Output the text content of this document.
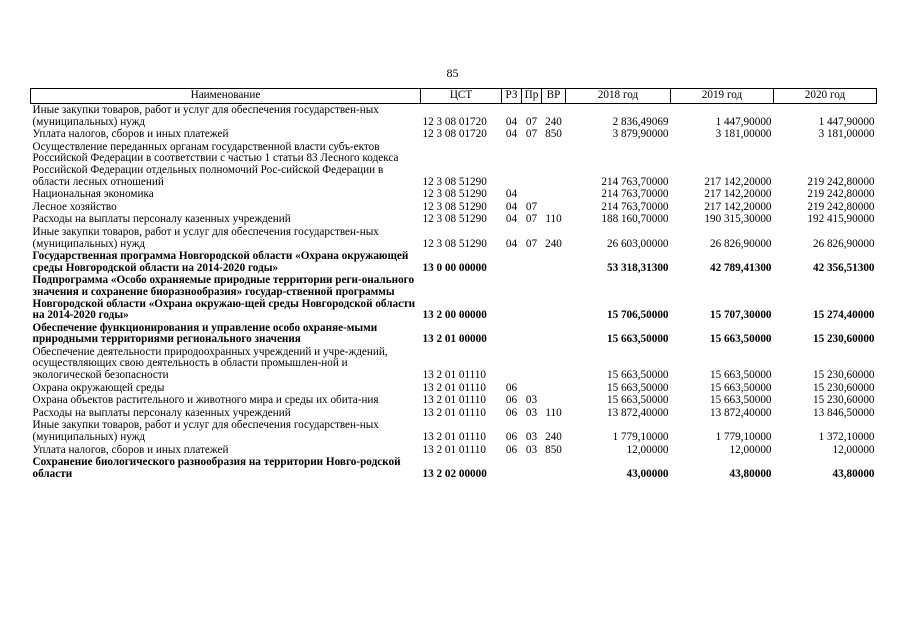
85
Наименование	ЦСТ	РЗ	Пр	ВР	2018 год	2019 год	2020 год
Иные закупки товаров, работ и услуг для обеспечения государствен-ных (муниципальных) нужд	12 3 08 01720	04	07	240	2 836,49069	1 447,90000	1 447,90000
Уплата налогов, сборов и иных платежей	12 3 08 01720	04	07	850	3 879,90000	3 181,00000	3 181,00000
Осуществление переданных органам государственной власти субъ-ектов Российской Федерации в соответствии с частью 1 статьи 83 Лесного кодекса Российской Федерации отдельных полномочий Рос-сийской Федерации в области лесных отношений	12 3 08 51290				214 763,70000	217 142,20000	219 242,80000
Национальная экономика	12 3 08 51290	04			214 763,70000	217 142,20000	219 242,80000
Лесное хозяйство	12 3 08 51290	04	07		214 763,70000	217 142,20000	219 242,80000
Расходы на выплаты персоналу казенных учреждений	12 3 08 51290	04	07	110	188 160,70000	190 315,30000	192 415,90000
Иные закупки товаров, работ и услуг для обеспечения государствен-ных (муниципальных) нужд	12 3 08 51290	04	07	240	26 603,00000	26 826,90000	26 826,90000
Государственная программа Новгородской области «Охрана окружающей среды Новгородской области на 2014-2020 годы»	13 0 00 00000				53 318,31300	42 789,41300	42 356,51300
Подпрограмма «Особо охраняемые природные территории реги-онального значения и сохранение биоразнообразия» государ-ственной программы Новгородской области «Охрана окружаю-щей среды Новгородской области на 2014-2020 годы»	13 2 00 00000				15 706,50000	15 707,30000	15 274,40000
Обеспечение функционирования и управление особо охраняе-мыми природными территориями регионального значения	13 2 01 00000				15 663,50000	15 663,50000	15 230,60000
Обеспечение деятельности природоохранных учреждений и учре-ждений, осуществляющих свою деятельность в области промышлен-ной и экологической безопасности	13 2 01 01110				15 663,50000	15 663,50000	15 230,60000
Охрана окружающей среды	13 2 01 01110	06			15 663,50000	15 663,50000	15 230,60000
Охрана объектов растительного и животного мира и среды их обита-ния	13 2 01 01110	06	03		15 663,50000	15 663,50000	15 230,60000
Расходы на выплаты персоналу казенных учреждений	13 2 01 01110	06	03	110	13 872,40000	13 872,40000	13 846,50000
Иные закупки товаров, работ и услуг для обеспечения государствен-ных (муниципальных) нужд	13 2 01 01110	06	03	240	1 779,10000	1 779,10000	1 372,10000
Уплата налогов, сборов и иных платежей	13 2 01 01110	06	03	850	12,00000	12,00000	12,00000
Сохранение биологического разнообразия на территории Новго-родской области	13 2 02 00000				43,00000	43,80000	43,80000
